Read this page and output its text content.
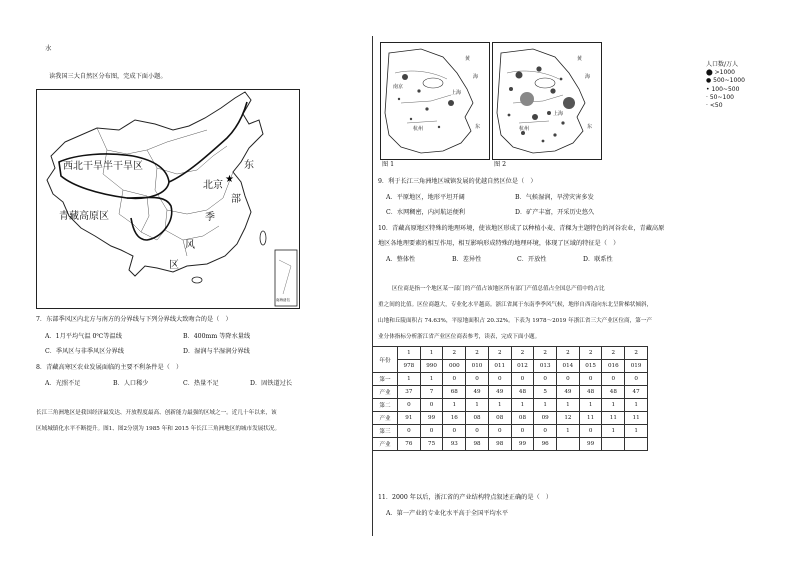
水
读我国三大自然区分布图，完成下面小题。
★
西北干旱半干旱区
青藏高原区
东
北京
部
季
风
区
南海诸岛
7．东部季风区内北方与南方的分界线与下列分界线大致吻合的是（　）
A．1月平均气温 0℃等温线	B．400mm 等降水量线
C．季风区与非季风区分界线	D．湿润与半湿润分界线
8．青藏高寒区农业发展面临的主要不利条件是（　）
A．光照不足	B．人口稀少	C．热量不足	D．固铁道过长
长江三角洲地区是我国经济最发达、开放程度最高、创新能力最强的区域之一。近几十年以来，该
区域城镇化水平不断提升。图1、图2分别为 1985 年和 2015 年长江三角洲地区的城市发展状况。
南京
上海
杭州
黄
海
东
上海
杭州
黄
海
东
图 1	图 2
人口数/万人
⬤ >1000
● 500~1000
• 100~500
· 50~100
· <50
9．利于长江三角洲地区城镇发展的优越自然区位是（　）
A．平原地区，地形平坦开阔	B．气候湿润，旱涝灾害多发
C．水网稠密，内河航运便利	D．矿产丰富，开采历史悠久
10．青藏高原地区特殊的地理环境，使该地区形成了以种植小麦、青稞为主题特色的河谷农业，青藏高原
地区各地理要素的相互作用，相互影响形成特殊的地理环境，体现了区域的特征是（　）
A．整体性	B．差异性	C．开放性	D．联系性
区位商是指一个地区某一部门的产值占该地区所有部门产值总值占全国总产值中的占比
重之间的比值。区位商越大，专业化水平越高。浙江省属于东南季季风气候，地形自西南向东北呈阶梯状倾斜，
山地和丘陵面积占 74.63%，平原地面积占 20.32%。下表为 1978～2019 年浙江省三大产业区位商，第一产
业分体指标分析浙江省产业区位商表参考，读表，完成下面小题。
年份	1	1	2	2	2	2	2	2	2	2	2
	978	990	000	010	011	012	013	014	015	016	019
第一	1	1	0	0	0	0	0	0	0	0	0
产业	37	7	68	49	49	48	5	49	48	48	47
第二	0	0	1	1	1	1	1	1	1	1	1
产业	91	99	16	08	08	08	09	12	11	11	11
第三	0	0	0	0	0	0	0	1	0	1	1
产业	76	75	93	98	98	99	96		99		
11．2000 年以后，浙江省的产业结构特点叙述正确的是（　）
A．第一产业的专业化水平高于全国平均水平
